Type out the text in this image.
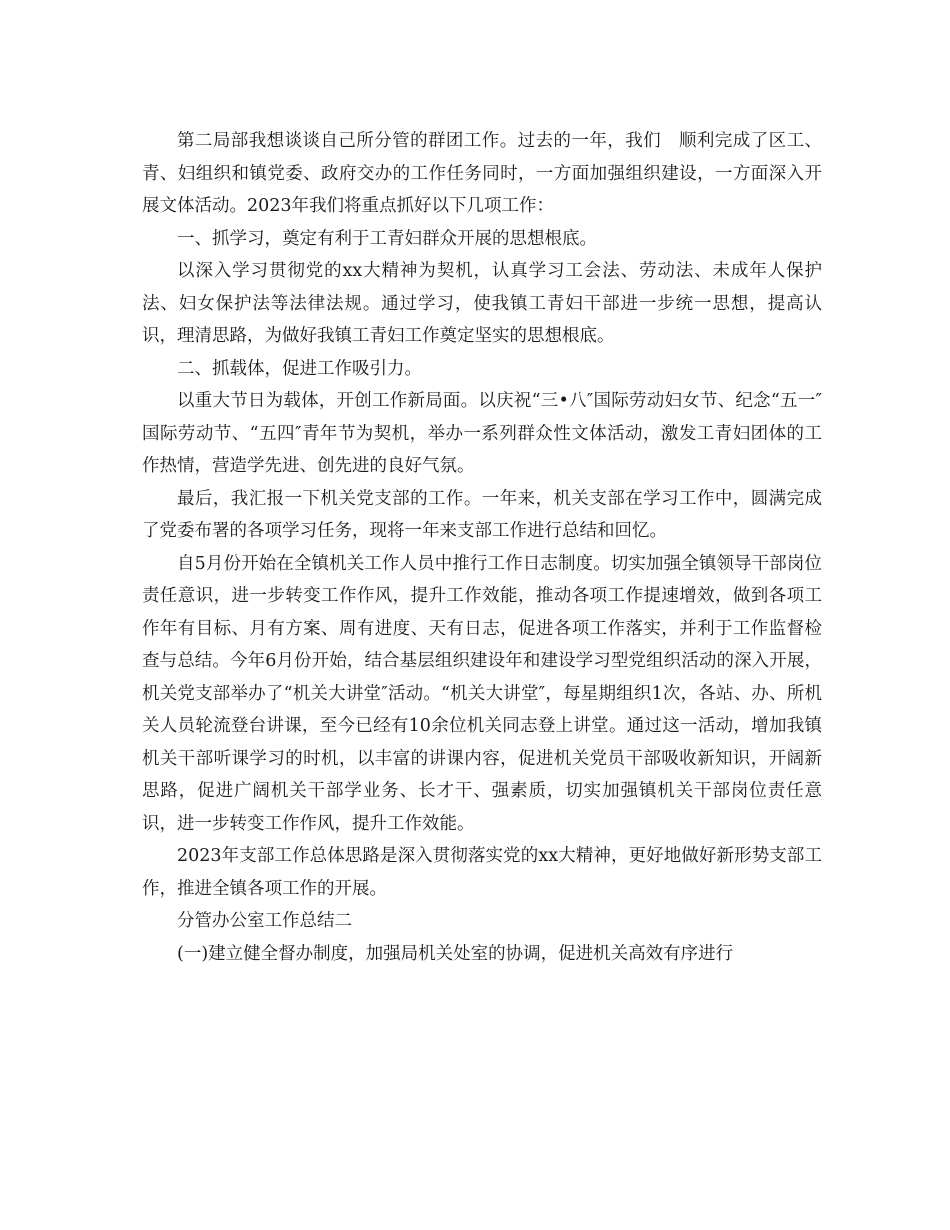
第二局部我想谈谈自己所分管的群团工作。过去的一年，我们　顺利完成了区工、青、妇组织和镇党委、政府交办的工作任务同时，一方面加强组织建设，一方面深入开展文体活动。2023年我们将重点抓好以下几项工作：

一、抓学习，奠定有利于工青妇群众开展的思想根底。

以深入学习贯彻党的xx大精神为契机，认真学习工会法、劳动法、未成年人保护法、妇女保护法等法律法规。通过学习，使我镇工青妇干部进一步统一思想，提高认识，理清思路，为做好我镇工青妇工作奠定坚实的思想根底。

二、抓载体，促进工作吸引力。

以重大节日为载体，开创工作新局面。以庆祝“三•八″国际劳动妇女节、纪念“五一″国际劳动节、“五四″青年节为契机，举办一系列群众性文体活动，激发工青妇团体的工作热情，营造学先进、创先进的良好气氛。

最后，我汇报一下机关党支部的工作。一年来，机关支部在学习工作中，圆满完成了党委布署的各项学习任务，现将一年来支部工作进行总结和回忆。

自5月份开始在全镇机关工作人员中推行工作日志制度。切实加强全镇领导干部岗位责任意识，进一步转变工作作风，提升工作效能，推动各项工作提速增效，做到各项工作年有目标、月有方案、周有进度、天有日志，促进各项工作落实，并利于工作监督检查与总结。今年6月份开始，结合基层组织建设年和建设学习型党组织活动的深入开展，机关党支部举办了“机关大讲堂″活动。“机关大讲堂″，每星期组织1次，各站、办、所机关人员轮流登台讲课，至今已经有10余位机关同志登上讲堂。通过这一活动，增加我镇机关干部听课学习的时机，以丰富的讲课内容，促进机关党员干部吸收新知识，开阔新思路，促进广阔机关干部学业务、长才干、强素质，切实加强镇机关干部岗位责任意识，进一步转变工作作风，提升工作效能。

2023年支部工作总体思路是深入贯彻落实党的xx大精神，更好地做好新形势支部工作，推进全镇各项工作的开展。

分管办公室工作总结二

(一)建立健全督办制度，加强局机关处室的协调，促进机关高效有序进行
